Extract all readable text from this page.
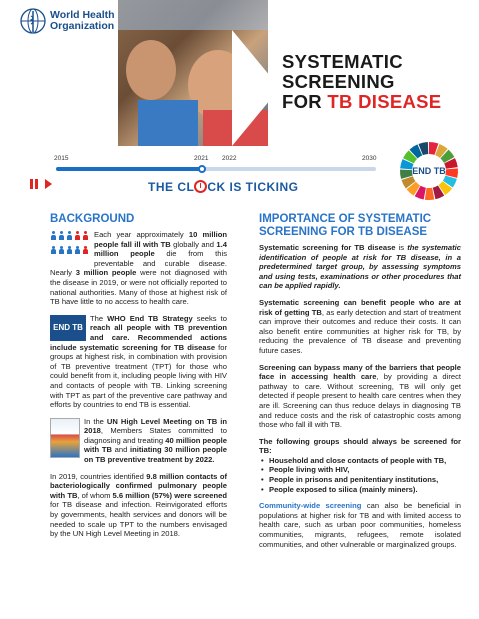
World Health
Organization
SYSTEMATIC
SCREENING
FOR TB DISEASE
2015	2021 2022	2030
THE CL CK IS TICKING
END TB
BACKGROUND
Each year approximately 10 million people fall ill with TB globally and 1.4 million people die from this preventable and curable disease. Nearly 3 million people were not diagnosed with the disease in 2019, or were not officially reported to national authorities. Many of those at highest risk of TB have little to no access to health care.
END TB
The WHO End TB Strategy seeks to reach all people with TB prevention and care. Recommended actions include systematic screening for TB disease for groups at highest risk, in combination with provision of TB preventive treatment (TPT) for those who could benefit from it, including people living with HIV and contacts of people with TB. Linking screening with TPT as part of the preventive care pathway and efforts by countries to end TB is essential.
In the UN High Level Meeting on TB in 2018, Members States committed to diagnosing and treating 40 million people with TB and initiating 30 million people on TB preventive treatment by 2022.
In 2019, countries identified 9.8 million contacts of bacteriologically confirmed pulmonary people with TB, of whom 5.6 million (57%) were screened for TB disease and infection. Reinvigorated efforts by governments, health services and donors will be needed to scale up TPT to the numbers envisaged by the UN High Level Meeting in 2018.
IMPORTANCE OF SYSTEMATIC SCREENING FOR TB DISEASE
Systematic screening for TB disease is the systematic identification of people at risk for TB disease, in a predetermined target group, by assessing symptoms and using tests, examinations or other procedures that can be applied rapidly.
Systematic screening can benefit people who are at risk of getting TB, as early detection and start of treatment can improve their outcomes and reduce their costs. It can also benefit entire communities at higher risk for TB, by reducing the prevalence of TB disease and preventing future cases.
Screening can bypass many of the barriers that people face in accessing health care, by providing a direct pathway to care. Without screening, TB will only get detected if people present to health care centres when they are ill. Screening can thus reduce delays in diagnosing TB and reduce costs and the risk of catastrophic costs among those who fall ill with TB.
The following groups should always be screened for TB:
• Household and close contacts of people with TB,
• People living with HIV,
• People in prisons and penitentiary institutions,
• People exposed to silica (mainly miners).
Community-wide screening can also be beneficial in populations at higher risk for TB and with limited access to health care, such as urban poor communities, homeless communities, migrants, refugees, remote isolated communities, and other vulnerable or marginalized groups.
